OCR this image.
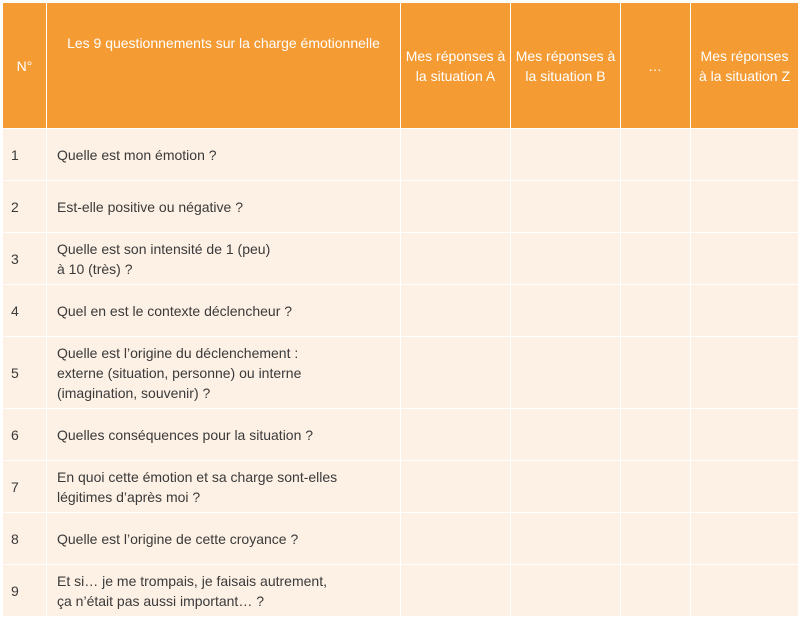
N°	Les 9 questionnements sur la charge émotionnelle	Mes réponses à la situation A	Mes réponses à la situation B	…	Mes réponses à la situation Z
1	Quelle est mon émotion ?				
2	Est-elle positive ou négative ?				
3	Quelle est son intensité de 1 (peu)
à 10 (très) ?				
4	Quel en est le contexte déclencheur ?				
5	Quelle est l’origine du déclenchement :
externe (situation, personne) ou interne
(imagination, souvenir) ?				
6	Quelles conséquences pour la situation ?				
7	En quoi cette émotion et sa charge sont-elles
légitimes d’après moi ?				
8	Quelle est l’origine de cette croyance ?				
9	Et si… je me trompais, je faisais autrement,
ça n’était pas aussi important… ?				
